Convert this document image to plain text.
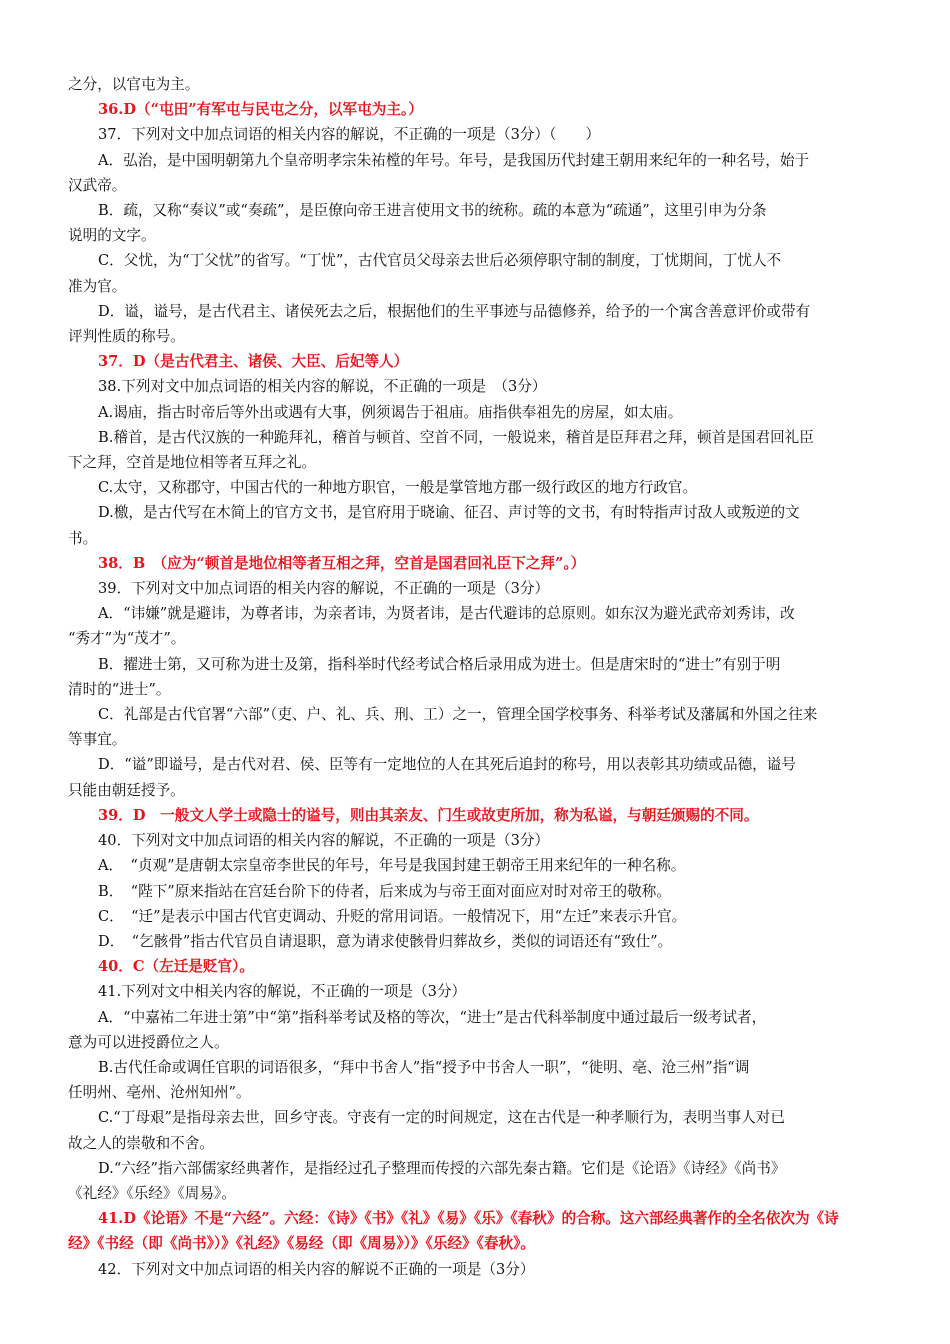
之分，以官屯为主。
36.D（“屯田”有军屯与民屯之分，以军屯为主。）
37．下列对文中加点词语的相关内容的解说，不正确的一项是（3分）（　　）
A．弘治，是中国明朝第九个皇帝明孝宗朱祐樘的年号。年号，是我国历代封建王朝用来纪年的一种名号，始于
汉武帝。
B．疏，又称“奏议”或“奏疏”，是臣僚向帝王进言使用文书的统称。疏的本意为“疏通”，这里引申为分条
说明的文字。
C．父忧，为“丁父忧”的省写。“丁忧”，古代官员父母亲去世后必须停职守制的制度，丁忧期间，丁忧人不
准为官。
D．谥，谥号，是古代君主、诸侯死去之后，根据他们的生平事迹与品德修养，给予的一个寓含善意评价或带有
评判性质的称号。
37．D（是古代君主、诸侯、大臣、后妃等人）
38.下列对文中加点词语的相关内容的解说，不正确的一项是　（3分）
A.谒庙，指古时帝后等外出或遇有大事，例须谒告于祖庙。庙指供奉祖先的房屋，如太庙。
B.稽首，是古代汉族的一种跪拜礼，稽首与顿首、空首不同，一般说来，稽首是臣拜君之拜，顿首是国君回礼臣
下之拜，空首是地位相等者互拜之礼。
C.太守，又称郡守，中国古代的一种地方职官，一般是掌管地方郡一级行政区的地方行政官。
D.檄，是古代写在木简上的官方文书，是官府用于晓谕、征召、声讨等的文书，有时特指声讨敌人或叛逆的文
书。
38．B　（应为“顿首是地位相等者互相之拜，空首是国君回礼臣下之拜”。）
39．下列对文中加点词语的相关内容的解说，不正确的一项是（3分）
A．“讳嫌”就是避讳，为尊者讳，为亲者讳，为贤者讳，是古代避讳的总原则。如东汉为避光武帝刘秀讳，改
“秀才”为“茂才”。
B．擢进士第，又可称为进士及第，指科举时代经考试合格后录用成为进士。但是唐宋时的“进士”有别于明
清时的“进士”。
C．礼部是古代官署“六部”（吏、户、礼、兵、刑、工）之一，管理全国学校事务、科举考试及藩属和外国之往来
等事宜。
D．“谥”即谥号，是古代对君、侯、臣等有一定地位的人在其死后追封的称号，用以表彰其功绩或品德，谥号
只能由朝廷授予。
39．D　一般文人学士或隐士的谥号，则由其亲友、门生或故吏所加，称为私谥，与朝廷颁赐的不同。
40．下列对文中加点词语的相关内容的解说，不正确的一项是（3分）
A．　“贞观”是唐朝太宗皇帝李世民的年号，年号是我国封建王朝帝王用来纪年的一种名称。
B．　“陛下”原来指站在宫廷台阶下的侍者，后来成为与帝王面对面应对时对帝王的敬称。
C．　“迁”是表示中国古代官吏调动、升贬的常用词语。一般情况下，用“左迁”来表示升官。
D．　“乞骸骨”指古代官员自请退职，意为请求使骸骨归葬故乡，类似的词语还有“致仕”。
40．C（左迁是贬官）。
41.下列对文中相关内容的解说，不正确的一项是（3分）
A．“中嘉祐二年进士第”中“第”指科举考试及格的等次，“进士”是古代科举制度中通过最后一级考试者，
意为可以进授爵位之人。
B.古代任命或调任官职的词语很多，“拜中书舍人”指“授予中书舍人一职”，“徙明、亳、沧三州”指“调
任明州、亳州、沧州知州”。
C.“丁母艰”是指母亲去世，回乡守丧。守丧有一定的时间规定，这在古代是一种孝顺行为，表明当事人对已
故之人的崇敬和不舍。
D.“六经”指六部儒家经典著作，是指经过孔子整理而传授的六部先秦古籍。它们是《论语》《诗经》《尚书》
《礼经》《乐经》《周易》。
41.D《论语》不是“六经”。六经：《诗》《书》《礼》《易》《乐》《春秋》的合称。这六部经典著作的全名依次为《诗
经》《书经（即《尚书》）》《礼经》《易经（即《周易》）》《乐经》《春秋》。
42．下列对文中加点词语的相关内容的解说不正确的一项是（3分）
